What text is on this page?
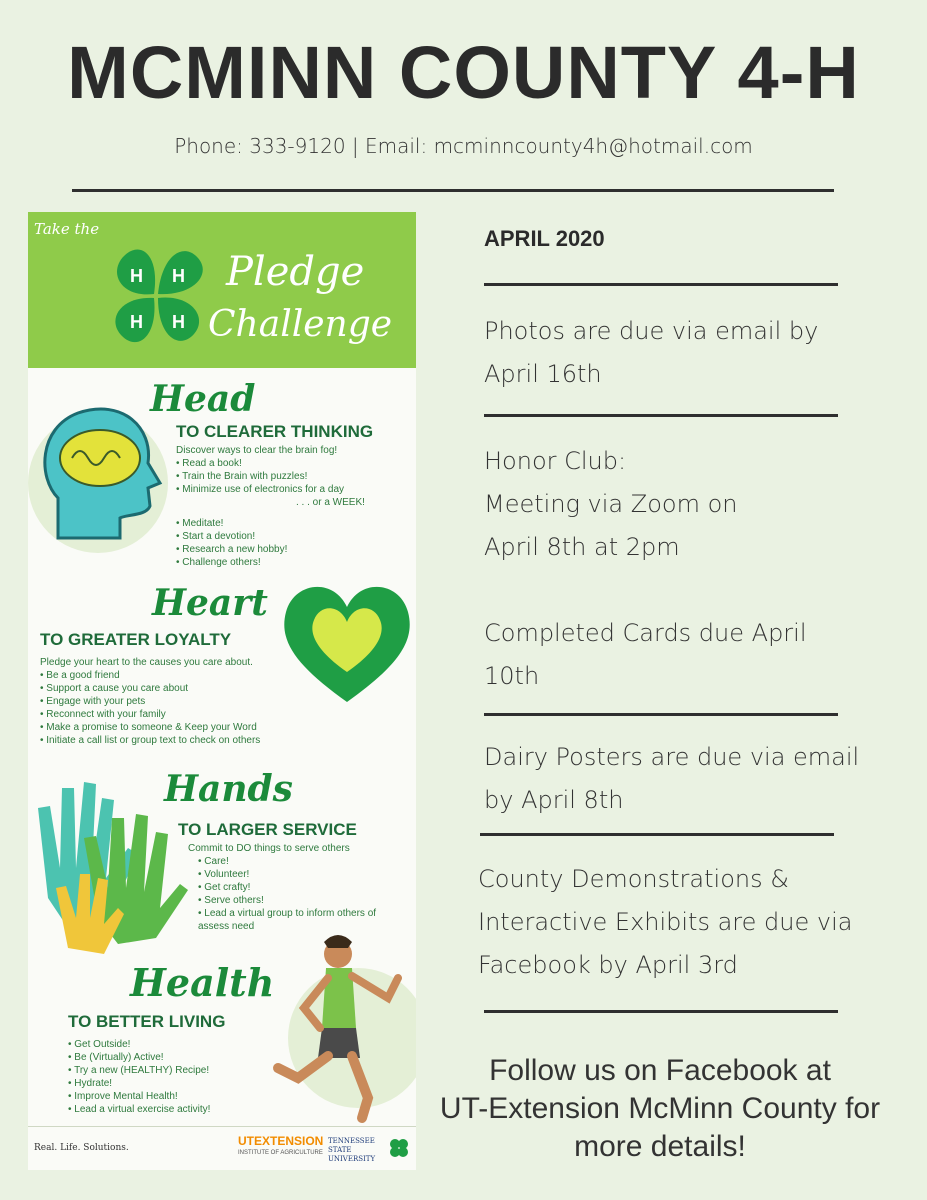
MCMINN COUNTY 4-H
Phone: 333-9120 | Email: mcminncounty4h@hotmail.com
Take the
H H
H H
Pledge
Challenge
Head
TO CLEARER THINKING
Discover ways to clear the brain fog!
• Read a book!
• Train the Brain with puzzles!
• Minimize use of electronics for a day
. . . or a WEEK!
• Meditate!
• Start a devotion!
• Research a new hobby!
• Challenge others!
Heart
TO GREATER LOYALTY
Pledge your heart to the causes you care about.
• Be a good friend
• Support a cause you care about
• Engage with your pets
• Reconnect with your family
• Make a promise to someone & Keep your Word
• Initiate a call list or group text to check on others
Hands
TO LARGER SERVICE
Commit to DO things to serve others
• Care!
• Volunteer!
• Get crafty!
• Serve others!
• Lead a virtual group to inform others of assess need
Health
TO BETTER LIVING
• Get Outside!
• Be (Virtually) Active!
• Try a new (HEALTHY) Recipe!
• Hydrate!
• Improve Mental Health!
• Lead a virtual exercise activity!
Real. Life. Solutions.	UTEXTENSION
INSTITUTE OF AGRICULTURE
TENNESSEE STATE UNIVERSITY
APRIL 2020
Photos are due via email by
April 16th
Honor Club:
Meeting via Zoom on
April 8th at 2pm
Completed Cards due April
10th
Dairy Posters are due via email
by April 8th
County Demonstrations &
Interactive Exhibits are due via
Facebook by April 3rd
Follow us on Facebook at
UT-Extension McMinn County for
more details!
